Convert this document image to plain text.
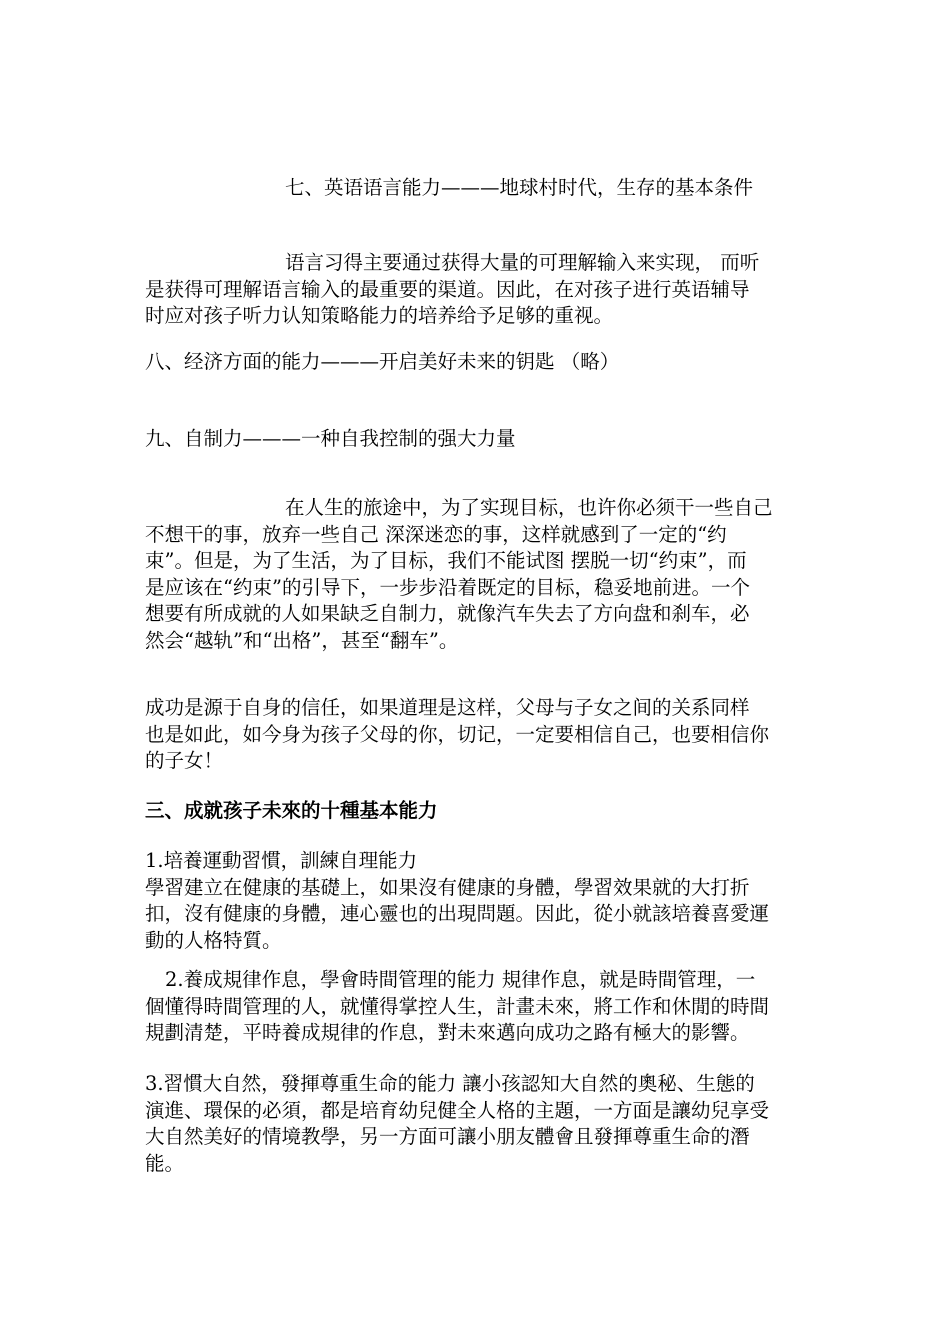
七、英语语言能力———地球村时代，生存的基本条件
语言习得主要通过获得大量的可理解输入来实现， 而听
是获得可理解语言输入的最重要的渠道。因此，在对孩子进行英语辅导
时应对孩子听力认知策略能力的培养给予足够的重视。
八、经济方面的能力———开启美好未来的钥匙 （略）
九、自制力———一种自我控制的强大力量
在人生的旅途中，为了实现目标，也许你必须干一些自己
不想干的事，放弃一些自己 深深迷恋的事，这样就感到了一定的“约
束”。但是，为了生活，为了目标，我们不能试图 摆脱一切“约束”，而
是应该在“约束”的引导下，一步步沿着既定的目标，稳妥地前进。一个
想要有所成就的人如果缺乏自制力，就像汽车失去了方向盘和刹车，必
然会“越轨”和“出格”，甚至“翻车”。
成功是源于自身的信任，如果道理是这样，父母与子女之间的关系同样
也是如此，如今身为孩子父母的你，切记，一定要相信自己，也要相信你
的子女！
三、成就孩子未來的十種基本能力
1.培養運動習慣，訓練自理能力
學習建立在健康的基礎上，如果沒有健康的身體，學習效果就的大打折
扣，沒有健康的身體，連心靈也的出現問題。因此，從小就該培養喜愛運
動的人格特質。
2.養成規律作息，學會時間管理的能力 規律作息，就是時間管理，一
個懂得時間管理的人，就懂得掌控人生，計畫未來，將工作和休閒的時間
規劃清楚，平時養成規律的作息，對未來邁向成功之路有極大的影響。
3.習慣大自然，發揮尊重生命的能力 讓小孩認知大自然的奧秘、生態的
演進、環保的必須，都是培育幼兒健全人格的主題，一方面是讓幼兒享受
大自然美好的情境教學，另一方面可讓小朋友體會且發揮尊重生命的潛
能。
